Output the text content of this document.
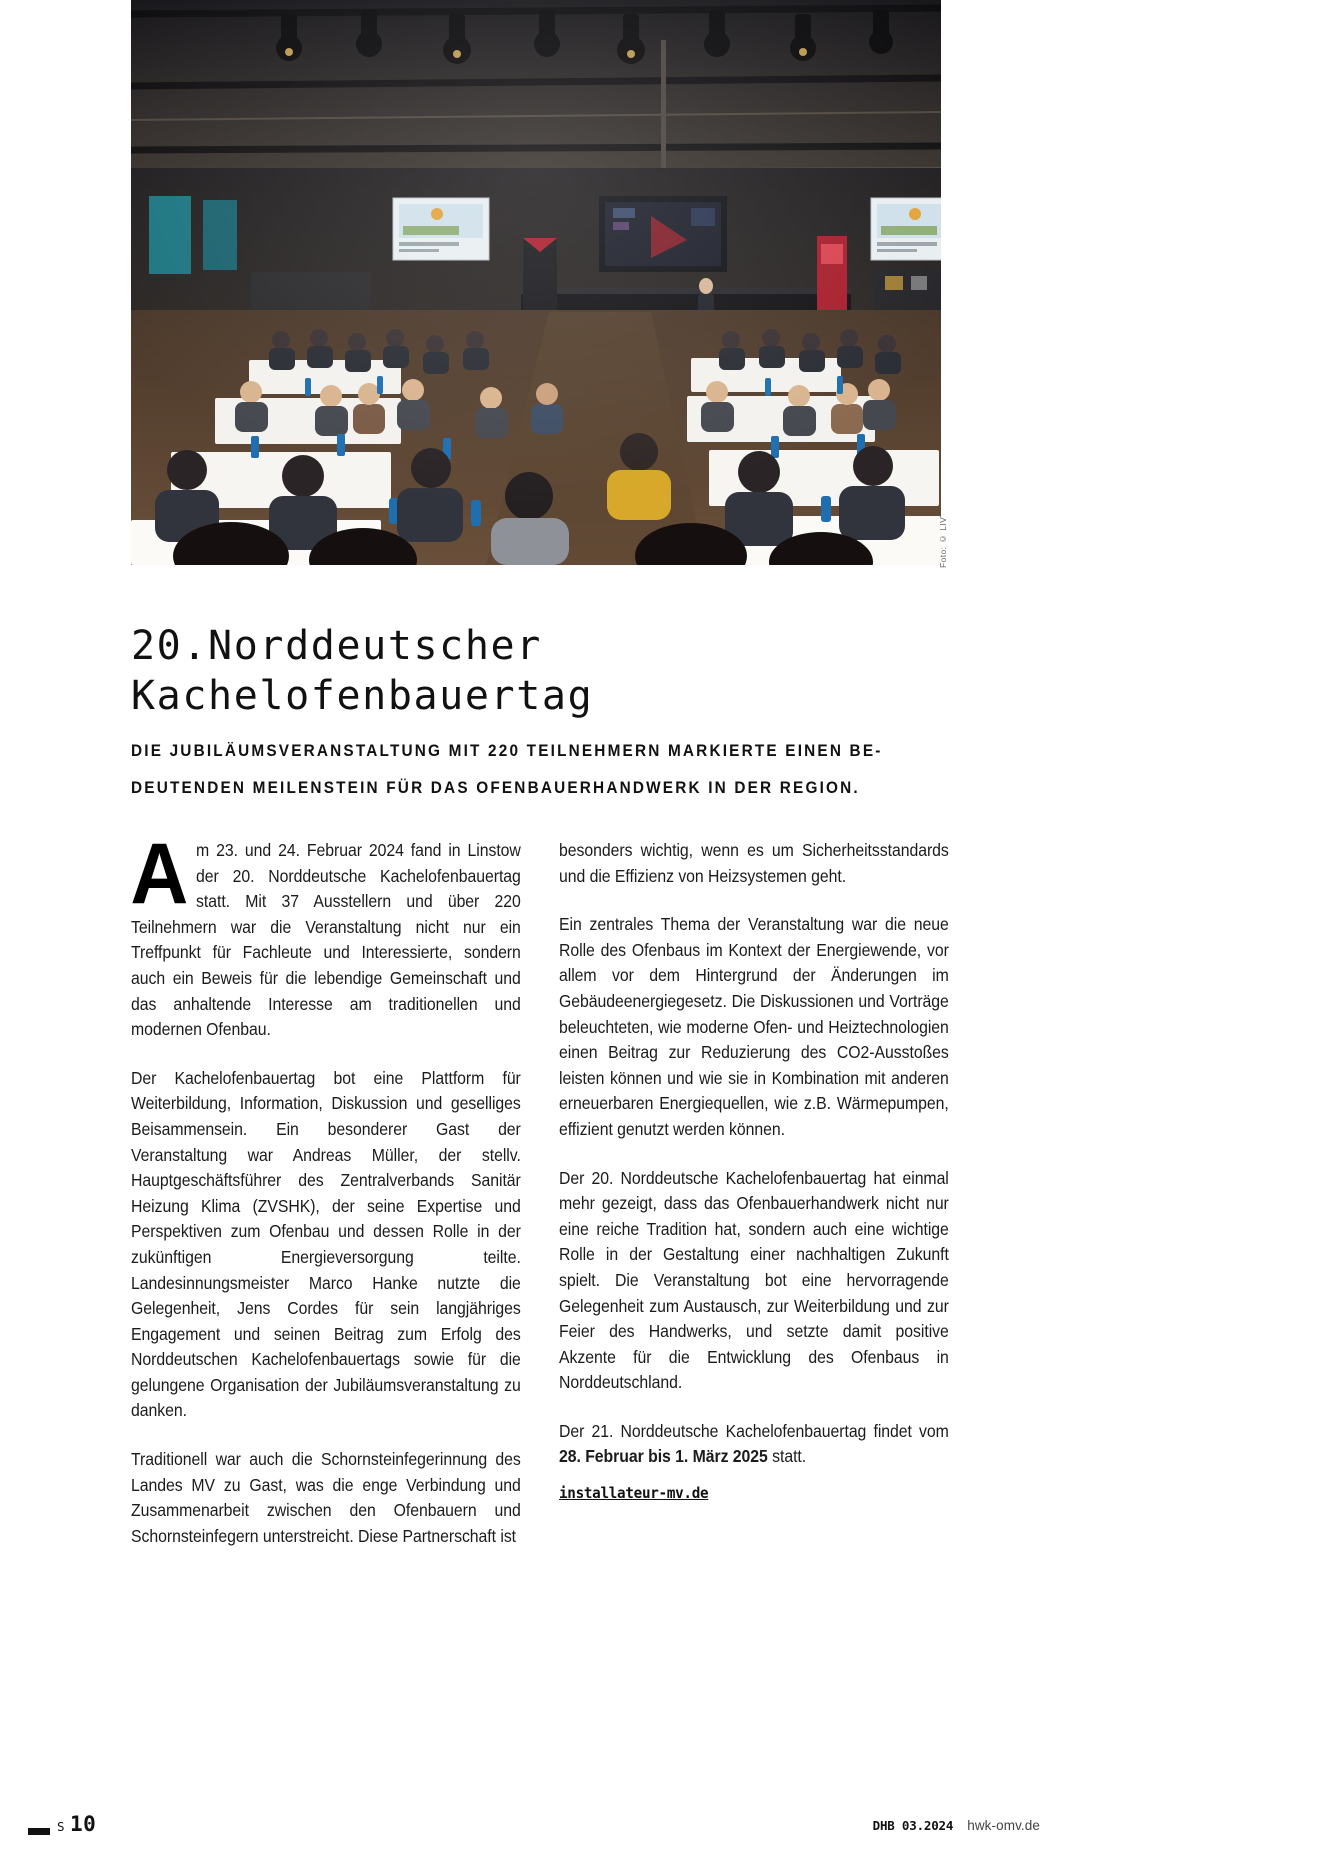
Foto: © LIV
20.Norddeutscher
Kachelofenbauertag
DIE JUBILÄUMSVERANSTALTUNG MIT 220 TEILNEHMERN MARKIERTE EINEN BE-
DEUTENDEN MEILENSTEIN FÜR DAS OFENBAUERHANDWERK IN DER REGION.

Am 23. und 24. Februar 2024 fand in Linstow der 20. Norddeutsche Kachelofenbauertag statt. Mit 37 Ausstellern und über 220 Teilnehmern war die Veranstaltung nicht nur ein Treffpunkt für Fachleute und Interessierte, sondern auch ein Beweis für die lebendige Gemeinschaft und das anhaltende Interesse am traditionellen und modernen Ofenbau.

Der Kachelofenbauertag bot eine Plattform für Weiterbildung, Information, Diskussion und geselliges Beisammensein. Ein besonderer Gast der Veranstaltung war Andreas Müller, der stellv. Hauptgeschäftsführer des Zentralverbands Sanitär Heizung Klima (ZVSHK), der seine Expertise und Perspektiven zum Ofenbau und dessen Rolle in der zukünftigen Energieversorgung teilte. Landesinnungsmeister Marco Hanke nutzte die Gelegenheit, Jens Cordes für sein langjähriges Engagement und seinen Beitrag zum Erfolg des Norddeutschen Kachelofenbauertags sowie für die gelungene Organisation der Jubiläumsveranstaltung zu danken.

Traditionell war auch die Schornsteinfegerinnung des Landes MV zu Gast, was die enge Verbindung und Zusammenarbeit zwischen den Ofenbauern und Schornsteinfegern unterstreicht. Diese Partnerschaft ist

besonders wichtig, wenn es um Sicherheitsstandards und die Effizienz von Heizsystemen geht.

Ein zentrales Thema der Veranstaltung war die neue Rolle des Ofenbaus im Kontext der Energiewende, vor allem vor dem Hintergrund der Änderungen im Gebäudeenergiegesetz. Die Diskussionen und Vorträge beleuchteten, wie moderne Ofen- und Heiztechnologien einen Beitrag zur Reduzierung des CO2-Ausstoßes leisten können und wie sie in Kombination mit anderen erneuerbaren Energiequellen, wie z.B. Wärmepumpen, effizient genutzt werden können.

Der 20. Norddeutsche Kachelofenbauertag hat einmal mehr gezeigt, dass das Ofenbauerhandwerk nicht nur eine reiche Tradition hat, sondern auch eine wichtige Rolle in der Gestaltung einer nachhaltigen Zukunft spielt. Die Veranstaltung bot eine hervorragende Gelegenheit zum Austausch, zur Weiterbildung und zur Feier des Handwerks, und setzte damit positive Akzente für die Entwicklung des Ofenbaus in Norddeutschland.

Der 21. Norddeutsche Kachelofenbauertag findet vom 28. Februar bis 1. März 2025 statt.

installateur-mv.de
S 10	DHB 03.2024 hwk-omv.de
